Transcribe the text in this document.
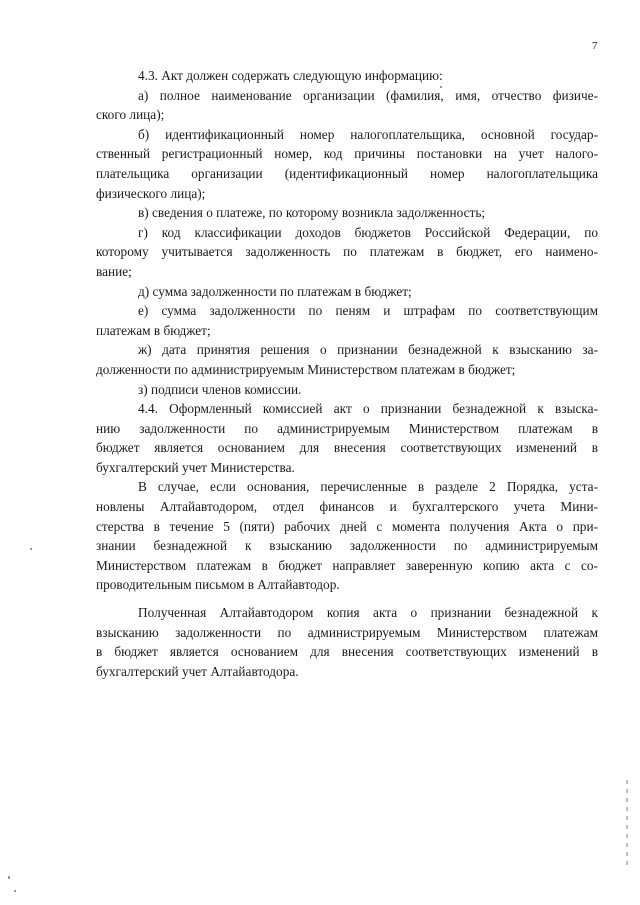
7
4.3. Акт должен содержать следующую информацию:
а) полное наименование организации (фамилия, имя, отчество физиче-
ского лица);
б) идентификационный номер налогоплательщика, основной государ-
ственный регистрационный номер, код причины постановки на учет налого-
плательщика организации (идентификационный номер налогоплательщика
физического лица);
в) сведения о платеже, по которому возникла задолженность;
г) код классификации доходов бюджетов Российской Федерации, по
которому учитывается задолженность по платежам в бюджет, его наимено-
вание;
д) сумма задолженности по платежам в бюджет;
е) сумма задолженности по пеням и штрафам по соответствующим
платежам в бюджет;
ж) дата принятия решения о признании безнадежной к взысканию за-
долженности по администрируемым Министерством платежам в бюджет;
з) подписи членов комиссии.
4.4. Оформленный комиссией акт о признании безнадежной к взыска-
нию задолженности по администрируемым Министерством платежам в
бюджет является основанием для внесения соответствующих изменений в
бухгалтерский учет Министерства.
В случае, если основания, перечисленные в разделе 2 Порядка, уста-
новлены Алтайавтодором, отдел финансов и бухгалтерского учета Мини-
стерства в течение 5 (пяти) рабочих дней с момента получения Акта о при-
знании безнадежной к взысканию задолженности по администрируемым
Министерством платежам в бюджет направляет заверенную копию акта с со-
проводительным письмом в Алтайавтодор.
Полученная Алтайавтодором копия акта о признании безнадежной к
взысканию задолженности по администрируемым Министерством платежам
в бюджет является основанием для внесения соответствующих изменений в
бухгалтерский учет Алтайавтодора.
